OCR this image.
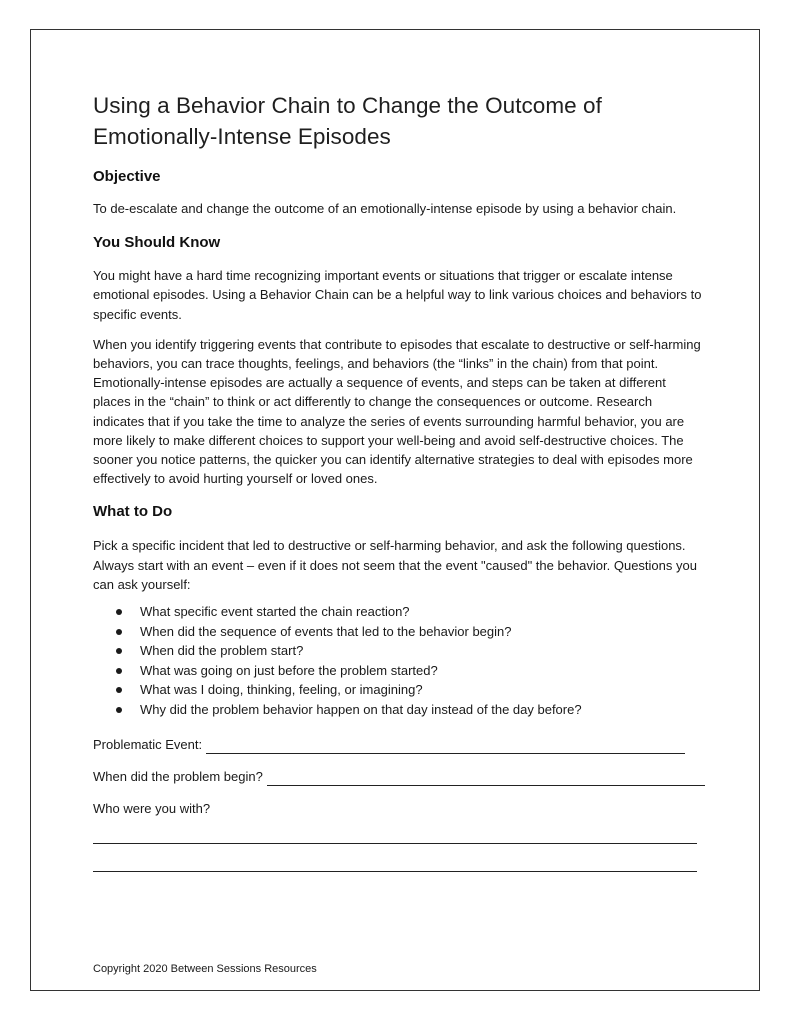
Using a Behavior Chain to Change the Outcome of
Emotionally-Intense Episodes
Objective

To de-escalate and change the outcome of an emotionally-intense episode by using a behavior chain.

You Should Know

You might have a hard time recognizing important events or situations that trigger or escalate intense emotional episodes. Using a Behavior Chain can be a helpful way to link various choices and behaviors to specific events.

When you identify triggering events that contribute to episodes that escalate to destructive or self-harming behaviors, you can trace thoughts, feelings, and behaviors (the “links” in the chain) from that point. Emotionally-intense episodes are actually a sequence of events, and steps can be taken at different places in the “chain” to think or act differently to change the consequences or outcome. Research indicates that if you take the time to analyze the series of events surrounding harmful behavior, you are more likely to make different choices to support your well-being and avoid self-destructive choices. The sooner you notice patterns, the quicker you can identify alternative strategies to deal with episodes more effectively to avoid hurting yourself or loved ones.

What to Do

Pick a specific incident that led to destructive or self-harming behavior, and ask the following questions. Always start with an event – even if it does not seem that the event "caused" the behavior. Questions you can ask yourself:

What specific event started the chain reaction?
When did the sequence of events that led to the behavior begin?
When did the problem start?
What was going on just before the problem started?
What was I doing, thinking, feeling, or imagining?
Why did the problem behavior happen on that day instead of the day before?
Problematic Event:
When did the problem begin?
Who were you with?
Copyright 2020 Between Sessions Resources
